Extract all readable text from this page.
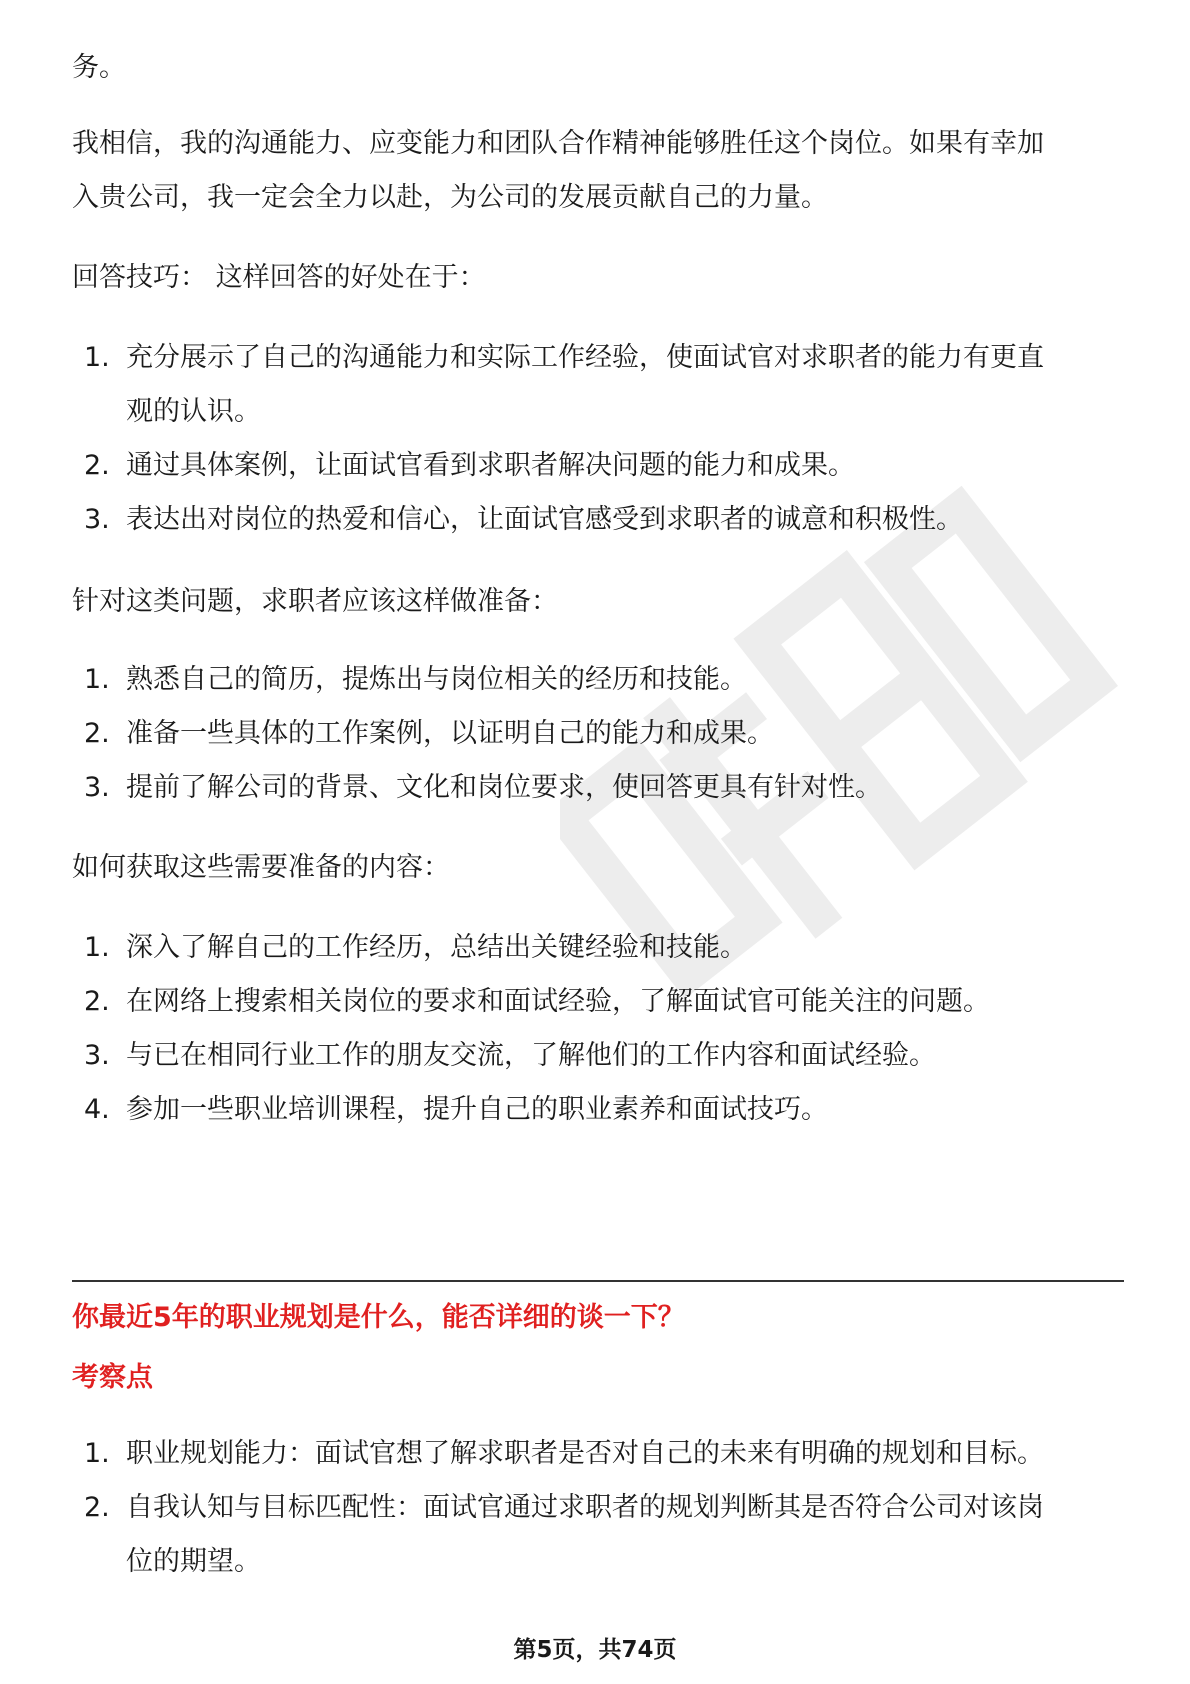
务。
我相信，我的沟通能力、应变能力和团队合作精神能够胜任这个岗位。如果有幸加
入贵公司，我一定会全力以赴，为公司的发展贡献自己的力量。
回答技巧： 这样回答的好处在于：
1. 充分展示了自己的沟通能力和实际工作经验，使面试官对求职者的能力有更直
观的认识。
2. 通过具体案例，让面试官看到求职者解决问题的能力和成果。
3. 表达出对岗位的热爱和信心，让面试官感受到求职者的诚意和积极性。
针对这类问题，求职者应该这样做准备：
1. 熟悉自己的简历，提炼出与岗位相关的经历和技能。
2. 准备一些具体的工作案例，以证明自己的能力和成果。
3. 提前了解公司的背景、文化和岗位要求，使回答更具有针对性。
如何获取这些需要准备的内容：
1. 深入了解自己的工作经历，总结出关键经验和技能。
2. 在网络上搜索相关岗位的要求和面试经验，了解面试官可能关注的问题。
3. 与已在相同行业工作的朋友交流，了解他们的工作内容和面试经验。
4. 参加一些职业培训课程，提升自己的职业素养和面试技巧。
你最近5年的职业规划是什么，能否详细的谈一下？
考察点
1. 职业规划能力：面试官想了解求职者是否对自己的未来有明确的规划和目标。
2. 自我认知与目标匹配性：面试官通过求职者的规划判断其是否符合公司对该岗
位的期望。
第5页，共74页
